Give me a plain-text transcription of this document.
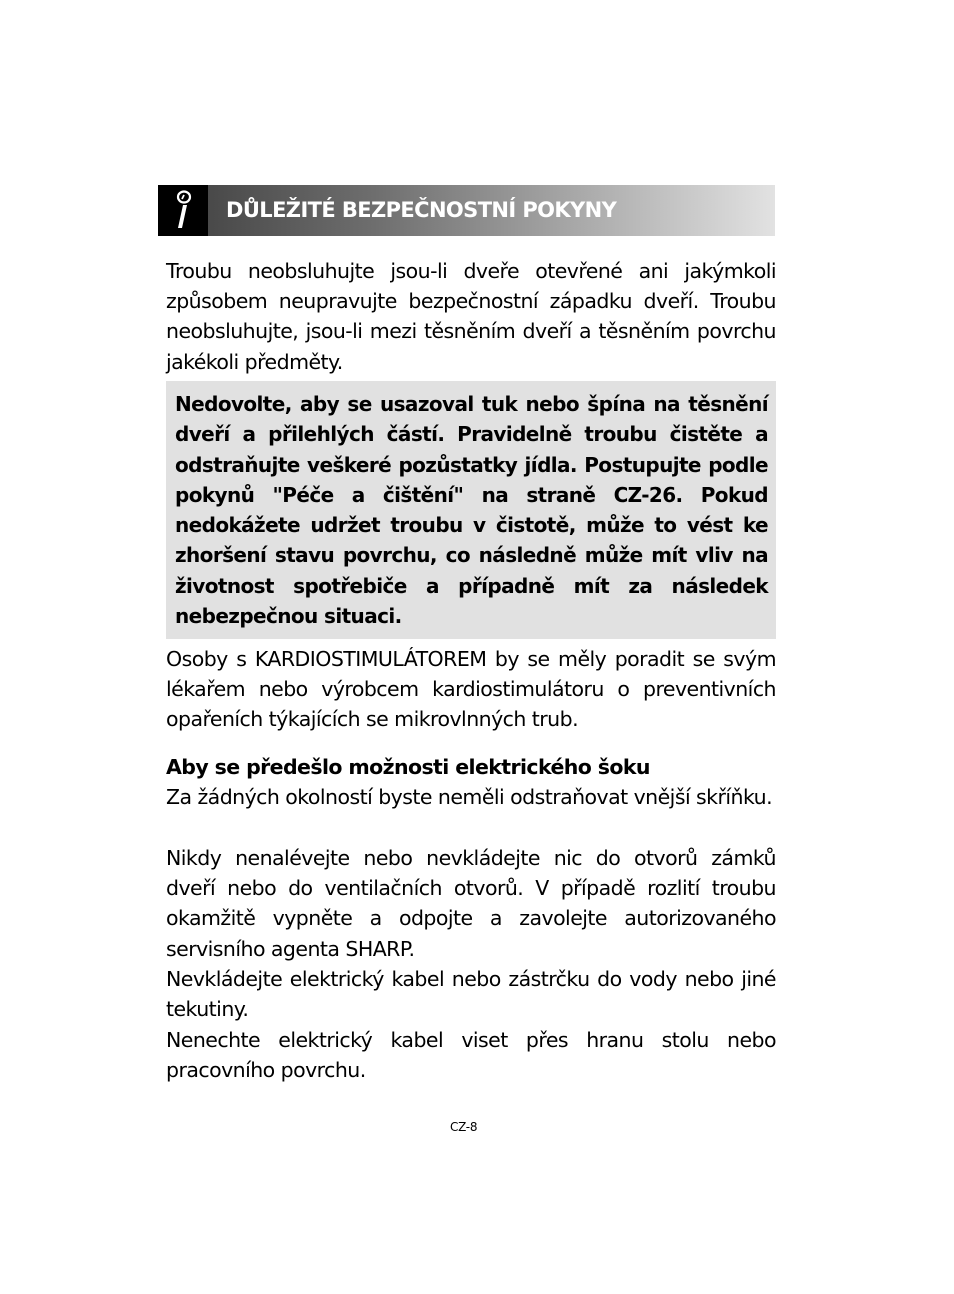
DŮLEŽITÉ BEZPEČNOSTNÍ POKYNY

Troubu neobsluhujte jsou-li dveře otevřené ani jakýmkoli způsobem neupravujte bezpečnostní západku dveří. Troubu neobsluhujte, jsou-li mezi těsněním dveří a těsněním povrchu jakékoli předměty.

Nedovolte, aby se usazoval tuk nebo špína na těsnění dveří a přilehlých částí. Pravidelně troubu čistěte a odstraňujte veškeré pozůstatky jídla. Postupujte podle pokynů "Péče a čištění" na straně CZ-26. Pokud nedokážete udržet troubu v čistotě, může to vést ke zhoršení stavu povrchu, co následně může mít vliv na životnost spotřebiče a případně mít za následek nebezpečnou situaci.

Osoby s KARDIOSTIMULÁTOREM by se měly poradit se svým lékařem nebo výrobcem kardiostimulátoru o preventivních opařeních týkajících se mikrovlnných trub.

Aby se předešlo možnosti elektrického šoku

Za žádných okolností byste neměli odstraňovat vnější skříňku.

Nikdy nenalévejte nebo nevkládejte nic do otvorů zámků dveří nebo do ventilačních otvorů. V případě rozlití troubu okamžitě vypněte a odpojte a zavolejte autorizovaného servisního agenta SHARP.

Nevkládejte elektrický kabel nebo zástrčku do vody nebo jiné tekutiny.

Nenechte elektrický kabel viset přes hranu stolu nebo pracovního povrchu.

CZ-8
